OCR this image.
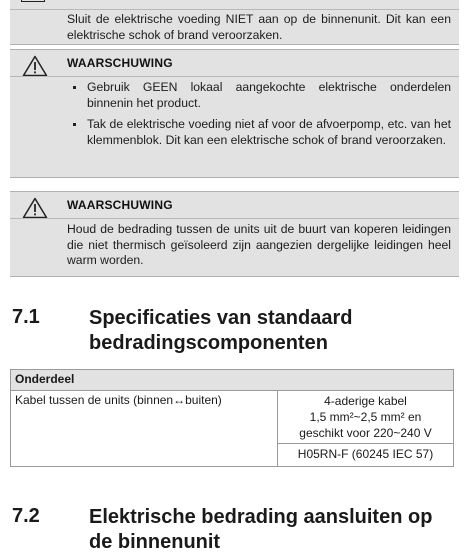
Sluit de elektrische voeding NIET aan op de binnenunit. Dit kan een elektrische schok of brand veroorzaken.
WAARSCHUWING
Gebruik GEEN lokaal aangekochte elektrische onderdelen binnenin het product.
Tak de elektrische voeding niet af voor de afvoerpomp, etc. van het klemmenblok. Dit kan een elektrische schok of brand veroorzaken.
WAARSCHUWING
Houd de bedrading tussen de units uit de buurt van koperen leidingen die niet thermisch geïsoleerd zijn aangezien dergelijke leidingen heel warm worden.
7.1 Specificaties van standaard bedradingscomponenten
Onderdeel
Kabel tussen de units (binnen↔buiten)	4-aderige kabel
1,5 mm²~2,5 mm² en
geschikt voor 220~240 V

H05RN-F (60245 IEC 57)
7.2 Elektrische bedrading aansluiten op de binnenunit
